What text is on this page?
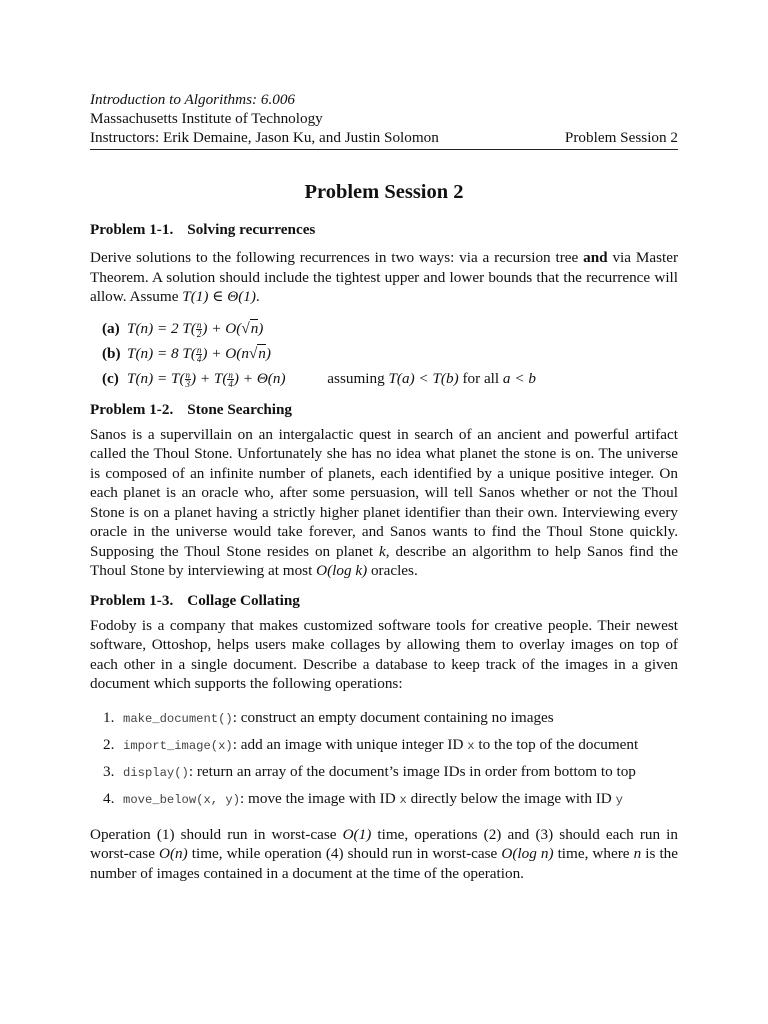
Introduction to Algorithms: 6.006
Massachusetts Institute of Technology
Instructors: Erik Demaine, Jason Ku, and Justin Solomon	Problem Session 2
Problem Session 2
Problem 1-1. Solving recurrences

Derive solutions to the following recurrences in two ways: via a recursion tree and via Master Theorem. A solution should include the tightest upper and lower bounds that the recurrence will allow. Assume T(1) ∈ Θ(1).

(a) T(n) = 2 $T( \frac{n}{2}$ ) + O(√n)
(b) T(n) = 8 $T( \frac{n}{4}$ ) + O(n√n)
(c) $T(n) = T( \frac{n}{3}$ ) + $T( \frac{n}{4}$ ) + Θ(n)	assuming T(a) < T(b) for all a < b
Problem 1-2. Stone Searching

Sanos is a supervillain on an intergalactic quest in search of an ancient and powerful artifact called the Thoul Stone. Unfortunately she has no idea what planet the stone is on. The universe is composed of an infinite number of planets, each identified by a unique positive integer. On each planet is an oracle who, after some persuasion, will tell Sanos whether or not the Thoul Stone is on a planet having a strictly higher planet identifier than their own. Interviewing every oracle in the universe would take forever, and Sanos wants to find the Thoul Stone quickly. Supposing the Thoul Stone resides on planet k, describe an algorithm to help Sanos find the Thoul Stone by interviewing at most O(log k) oracles.

Problem 1-3. Collage Collating

Fodoby is a company that makes customized software tools for creative people. Their newest software, Ottoshop, helps users make collages by allowing them to overlay images on top of each other in a single document. Describe a database to keep track of the images in a given document which supports the following operations:

1. make_document(): construct an empty document containing no images
2. import_image(x): add an image with unique integer ID x to the top of the document
3. display(): return an array of the document’s image IDs in order from bottom to top
4. move_below(x, y): move the image with ID x directly below the image with ID y

Operation (1) should run in worst-case O(1) time, operations (2) and (3) should each run in worst-case O(n) time, while operation (4) should run in worst-case O(log n) time, where n is the number of images contained in a document at the time of the operation.
